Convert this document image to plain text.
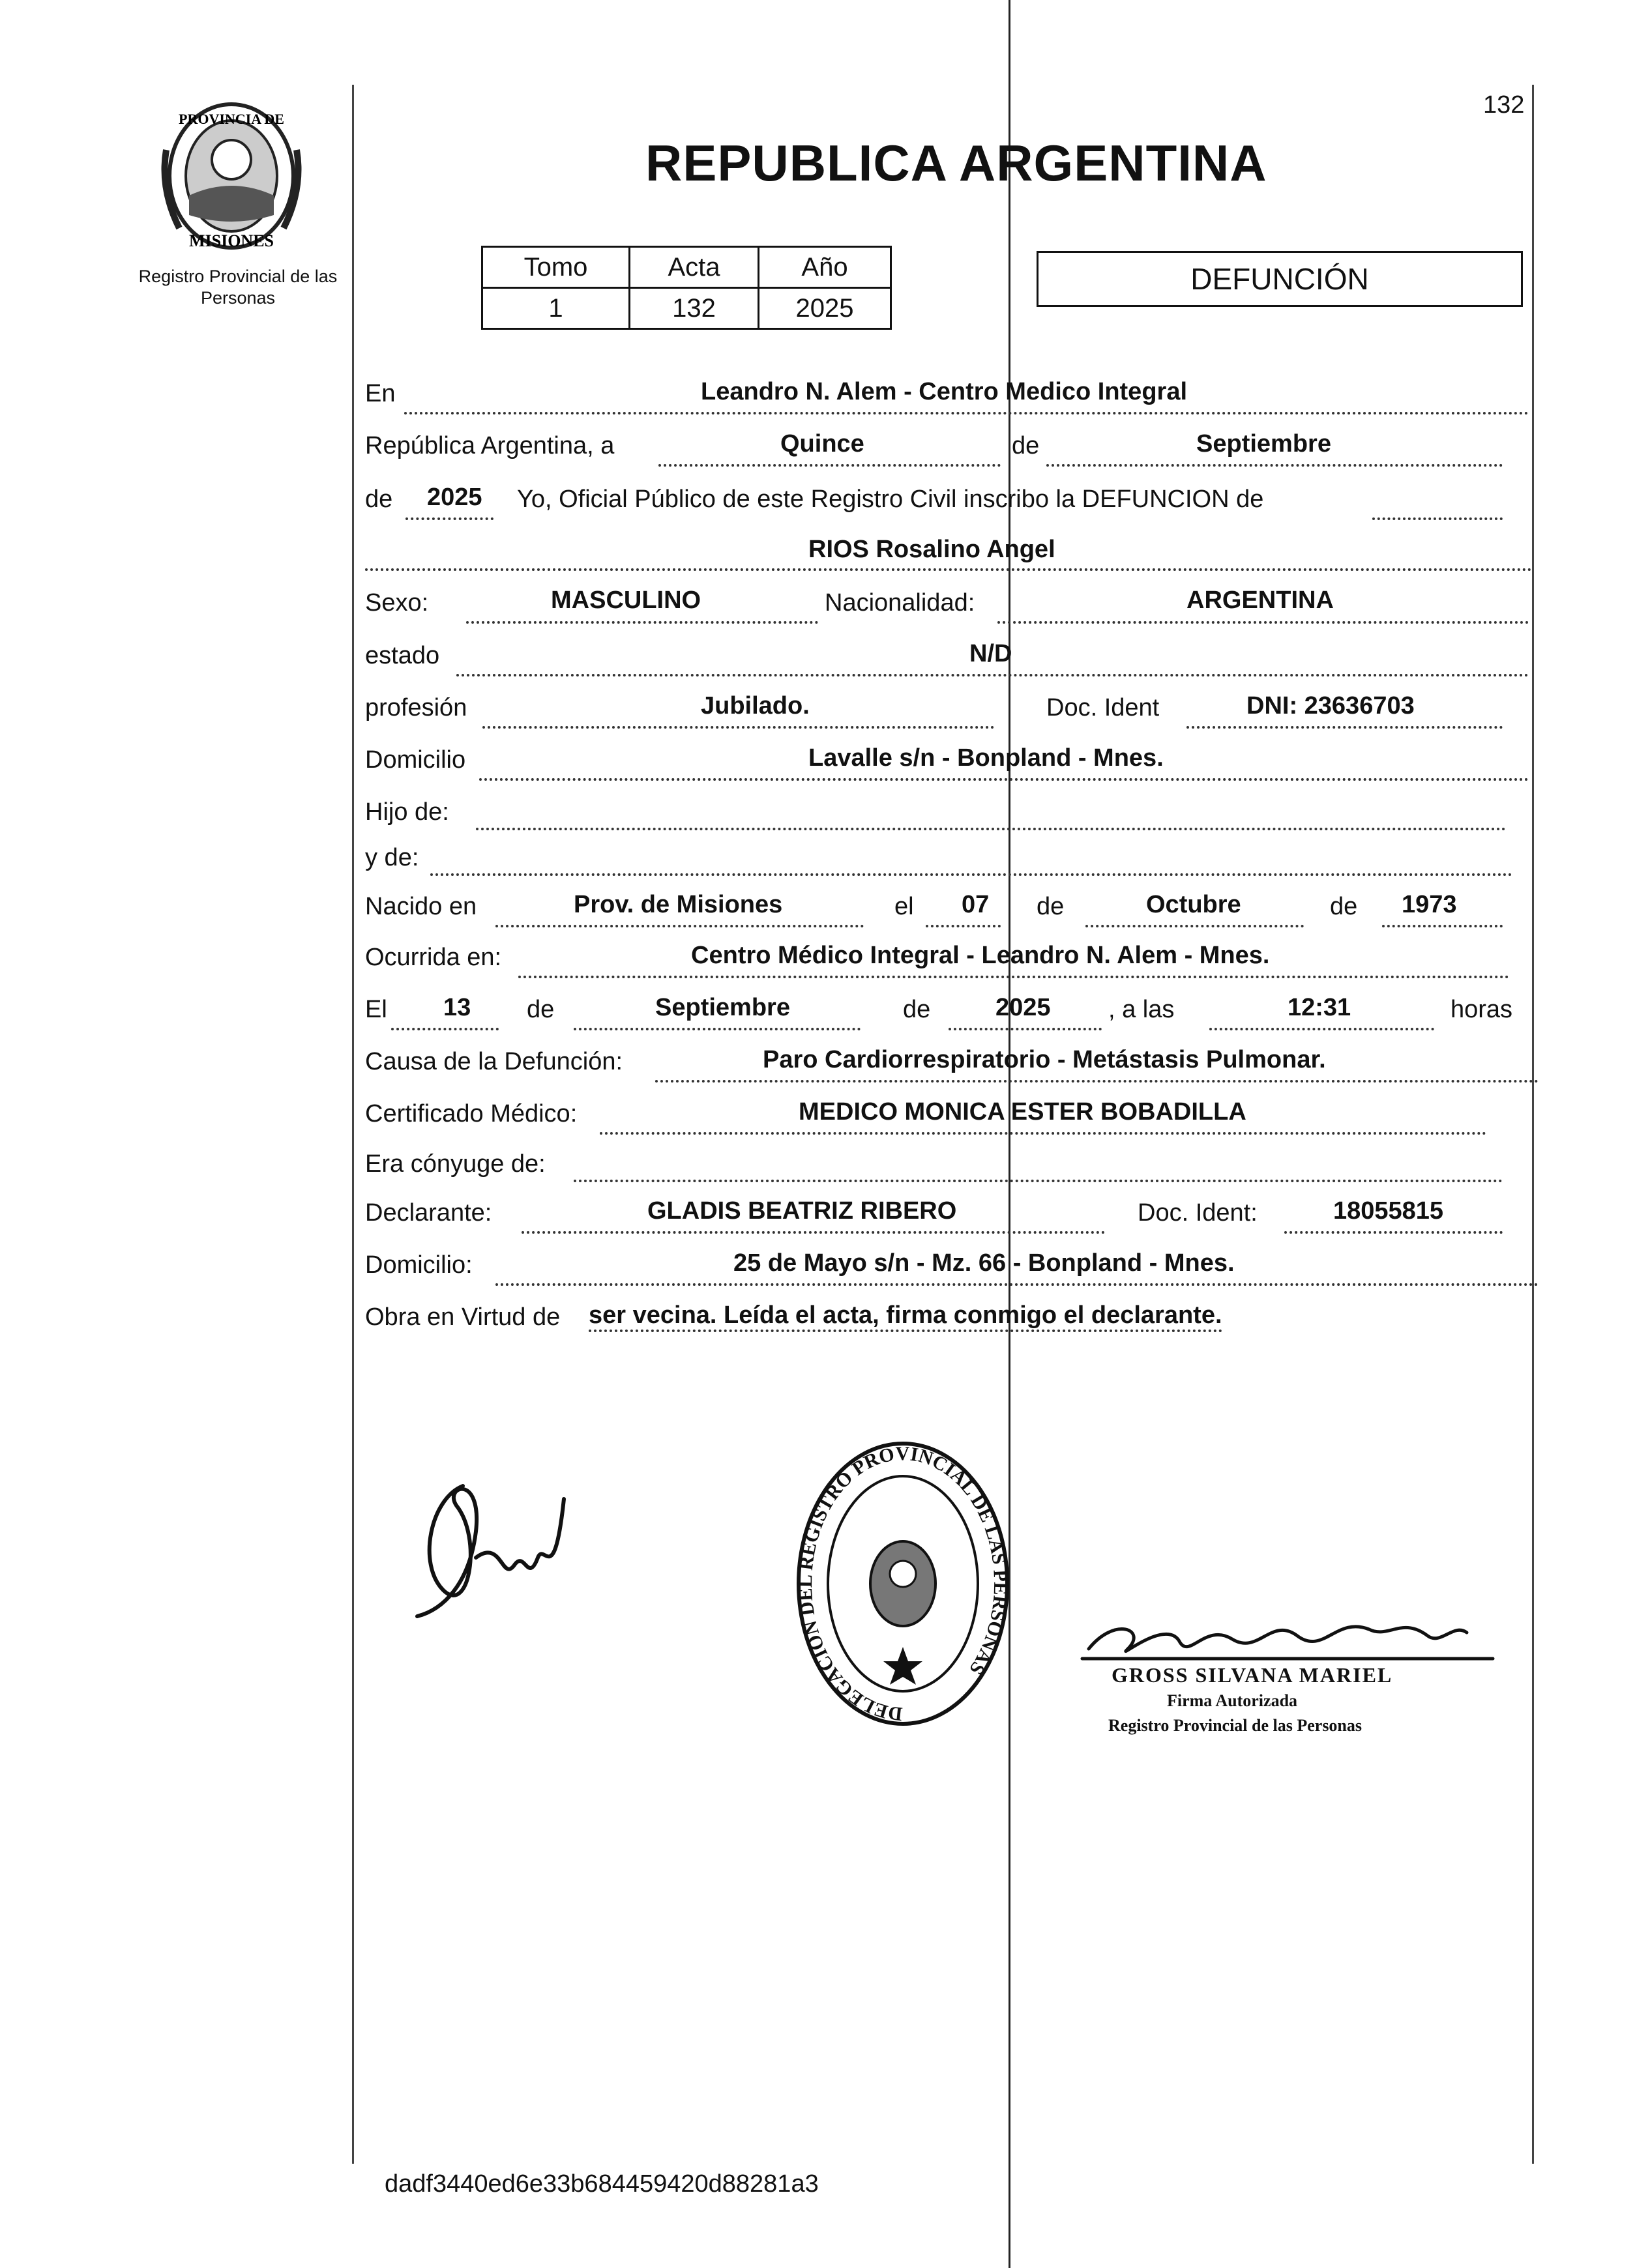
132
PROVINCIA DE
MISIONES
Registro Provincial de las Personas
REPUBLICA ARGENTINA
Tomo	Acta	Año
1	132	2025
DEFUNCIÓN
En	Leandro N. Alem - Centro Medico Integral
República Argentina, a	Quince	de	Septiembre
de 2025 Yo, Oficial Público de este Registro Civil inscribo la DEFUNCION de
RIOS Rosalino Angel
Sexo:	MASCULINO	Nacionalidad:	ARGENTINA
estado	N/D
profesión	Jubilado.	Doc. Ident	DNI: 23636703
Domicilio	Lavalle s/n - Bonpland - Mnes.
Hijo de:
y de:
Nacido en	Prov. de Misiones	el 07 de	Octubre	de 1973
Ocurrida en:	Centro Médico Integral - Leandro N. Alem - Mnes.
El 13 de	Septiembre	de	2025 , a las	12:31	horas
Causa de la Defunción:	Paro Cardiorrespiratorio - Metástasis Pulmonar.
Certificado Médico:	MEDICO MONICA ESTER BOBADILLA
Era cónyuge de:
Declarante:	GLADIS BEATRIZ RIBERO	Doc. Ident:	18055815
Domicilio:	25 de Mayo s/n - Mz. 66 - Bonpland - Mnes.
Obra en Virtud de ser vecina. Leída el acta, firma conmigo el declarante.
DELEGACION DEL REGISTRO PROVINCIAL DE LAS PERSONAS	GROSS SILVANA MARIEL
Firma Autorizada
Registro Provincial de las Personas
dadf3440ed6e33b684459420d88281a3
